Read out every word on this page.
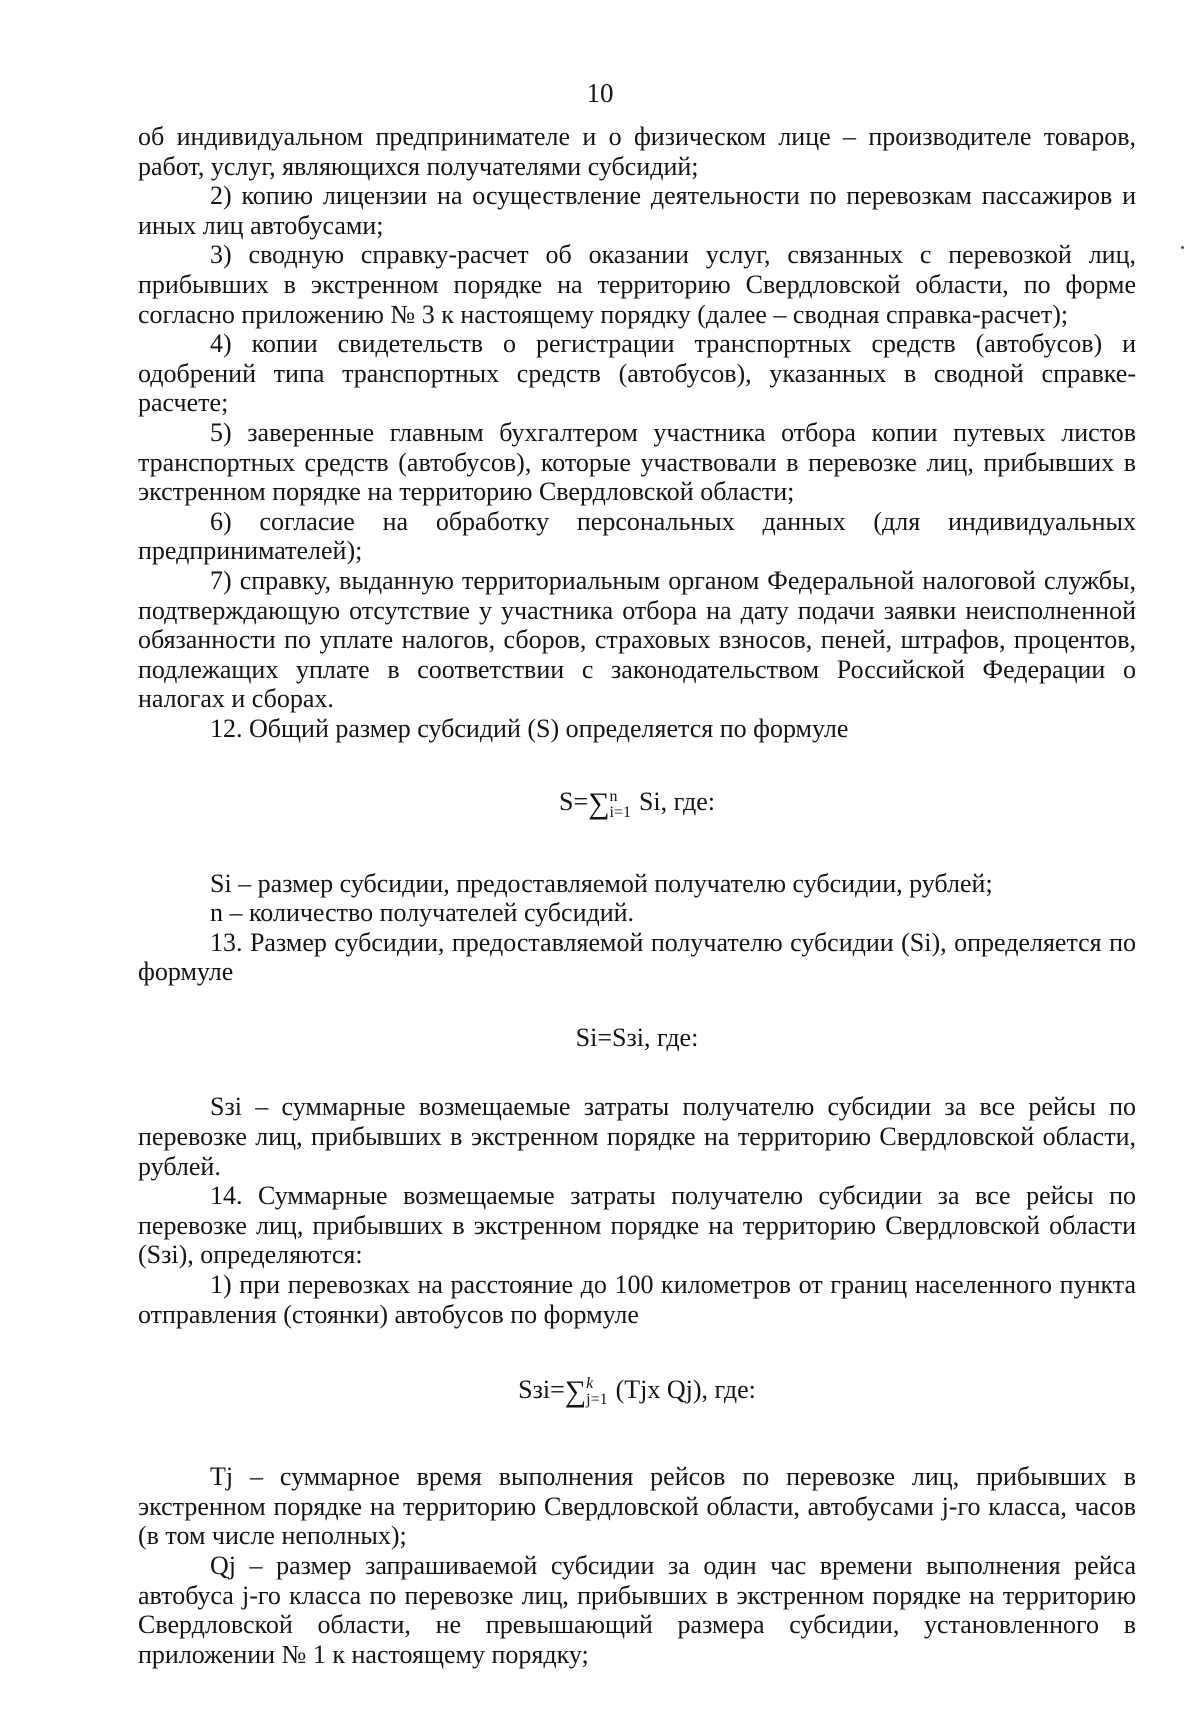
10

об индивидуальном предпринимателе и о физическом лице – производителе товаров, работ, услуг, являющихся получателями субсидий;

2) копию лицензии на осуществление деятельности по перевозкам пассажиров и иных лиц автобусами;

3) сводную справку-расчет об оказании услуг, связанных с перевозкой лиц, прибывших в экстренном порядке на территорию Свердловской области, по форме согласно приложению № 3 к настоящему порядку (далее – сводная справка-расчет);

4) копии свидетельств о регистрации транспортных средств (автобусов) и одобрений типа транспортных средств (автобусов), указанных в сводной справке-расчете;

5) заверенные главным бухгалтером участника отбора копии путевых листов транспортных средств (автобусов), которые участвовали в перевозке лиц, прибывших в экстренном порядке на территорию Свердловской области;

6) согласие на обработку персональных данных (для индивидуальных предпринимателей);

7) справку, выданную территориальным органом Федеральной налоговой службы, подтверждающую отсутствие у участника отбора на дату подачи заявки неисполненной обязанности по уплате налогов, сборов, страховых взносов, пеней, штрафов, процентов, подлежащих уплате в соответствии с законодательством Российской Федерации о налогах и сборах.

12. Общий размер субсидий (S) определяется по формуле

S=∑ n
i=1 Si, где:

Si – размер субсидии, предоставляемой получателю субсидии, рублей;

n – количество получателей субсидий.

13. Размер субсидии, предоставляемой получателю субсидии (Si), определяется по формуле

Si=Sзi, где:

Sзi – суммарные возмещаемые затраты получателю субсидии за все рейсы по перевозке лиц, прибывших в экстренном порядке на территорию Свердловской области, рублей.

14. Суммарные возмещаемые затраты получателю субсидии за все рейсы по перевозке лиц, прибывших в экстренном порядке на территорию Свердловской области (Sзi), определяются:

1) при перевозках на расстояние до 100 километров от границ населенного пункта отправления (стоянки) автобусов по формуле

Sзi=∑ k
j=1 (Tjx Qj), где:

Tj – суммарное время выполнения рейсов по перевозке лиц, прибывших в экстренном порядке на территорию Свердловской области, автобусами j-го класса, часов (в том числе неполных);

Qj – размер запрашиваемой субсидии за один час времени выполнения рейса автобуса j-го класса по перевозке лиц, прибывших в экстренном порядке на территорию Свердловской области, не превышающий размера субсидии, установленного в приложении № 1 к настоящему порядку;
